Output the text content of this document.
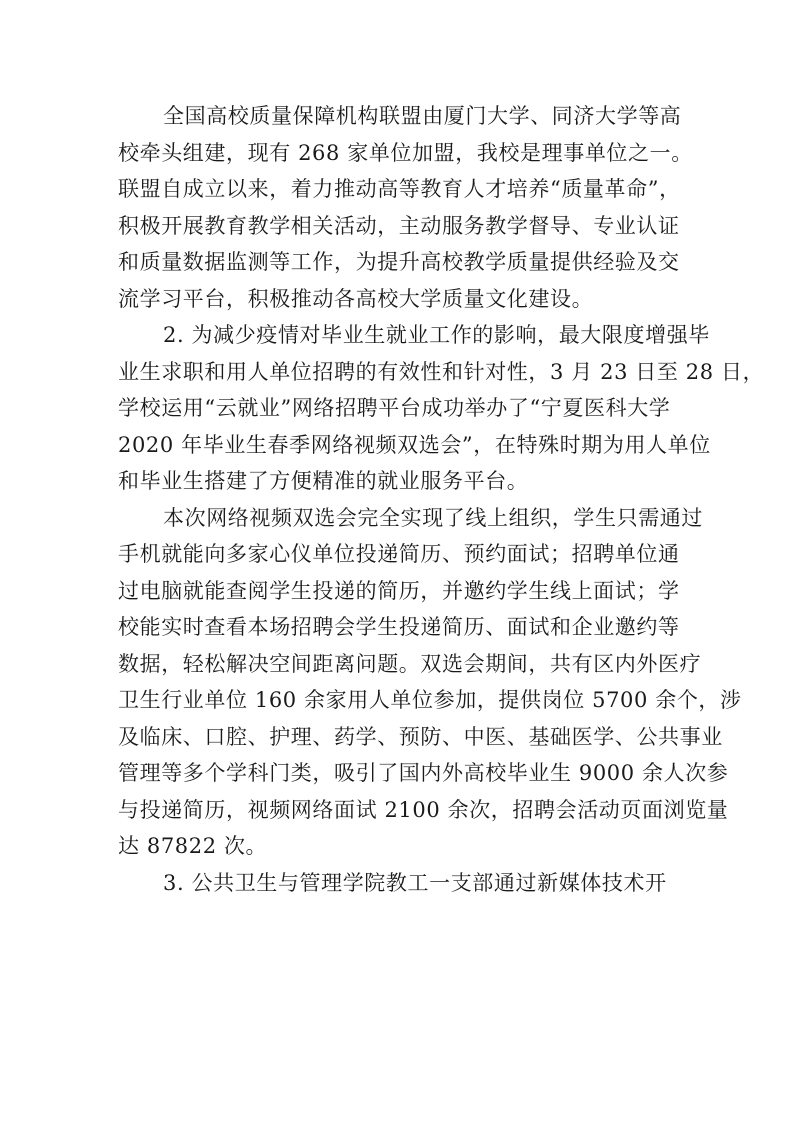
全国高校质量保障机构联盟由厦门大学、同济大学等高
校牵头组建，现有 268 家单位加盟，我校是理事单位之一。
联盟自成立以来，着力推动高等教育人才培养“质量革命”，
积极开展教育教学相关活动，主动服务教学督导、专业认证
和质量数据监测等工作，为提升高校教学质量提供经验及交
流学习平台，积极推动各高校大学质量文化建设。
2. 为减少疫情对毕业生就业工作的影响，最大限度增强毕
业生求职和用人单位招聘的有效性和针对性，3 月 23 日至 28 日，
学校运用“云就业”网络招聘平台成功举办了“宁夏医科大学
2020 年毕业生春季网络视频双选会”，在特殊时期为用人单位
和毕业生搭建了方便精准的就业服务平台。
本次网络视频双选会完全实现了线上组织，学生只需通过
手机就能向多家心仪单位投递简历、预约面试；招聘单位通
过电脑就能查阅学生投递的简历，并邀约学生线上面试；学
校能实时查看本场招聘会学生投递简历、面试和企业邀约等
数据，轻松解决空间距离问题。双选会期间，共有区内外医疗
卫生行业单位 160 余家用人单位参加，提供岗位 5700 余个，涉
及临床、口腔、护理、药学、预防、中医、基础医学、公共事业
管理等多个学科门类，吸引了国内外高校毕业生 9000 余人次参
与投递简历，视频网络面试 2100 余次，招聘会活动页面浏览量
达 87822 次。
3. 公共卫生与管理学院教工一支部通过新媒体技术开
